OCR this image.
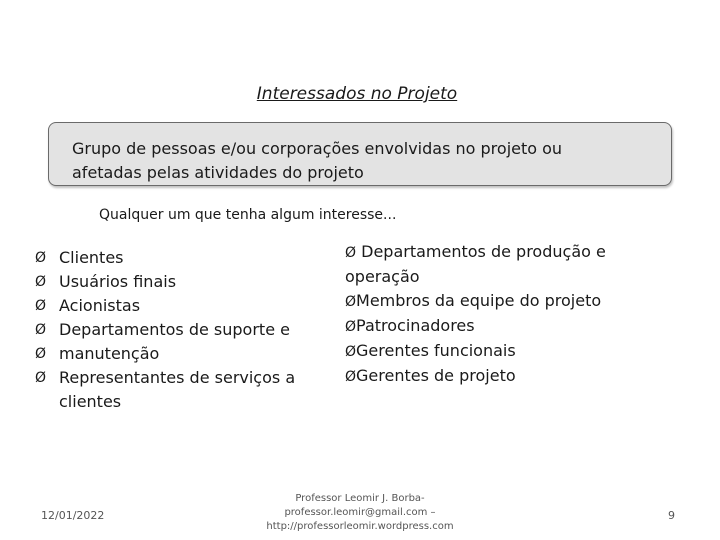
Interessados no Projeto
Grupo de pessoas e/ou corporações envolvidas no projeto ou
afetadas pelas atividades do projeto
Qualquer um que tenha algum interesse...
Ø Clientes
Ø Usuários finais
Ø Acionistas
Ø Departamentos de suporte e
Ø manutenção
Ø Representantes de serviços a
clientes
Ø Departamentos de produção e
operação
ØMembros da equipe do projeto
ØPatrocinadores
ØGerentes funcionais
ØGerentes de projeto
12/01/2022
Professor Leomir J. Borba-
professor.leomir@gmail.com –
http://professorleomir.wordpress.com
9
